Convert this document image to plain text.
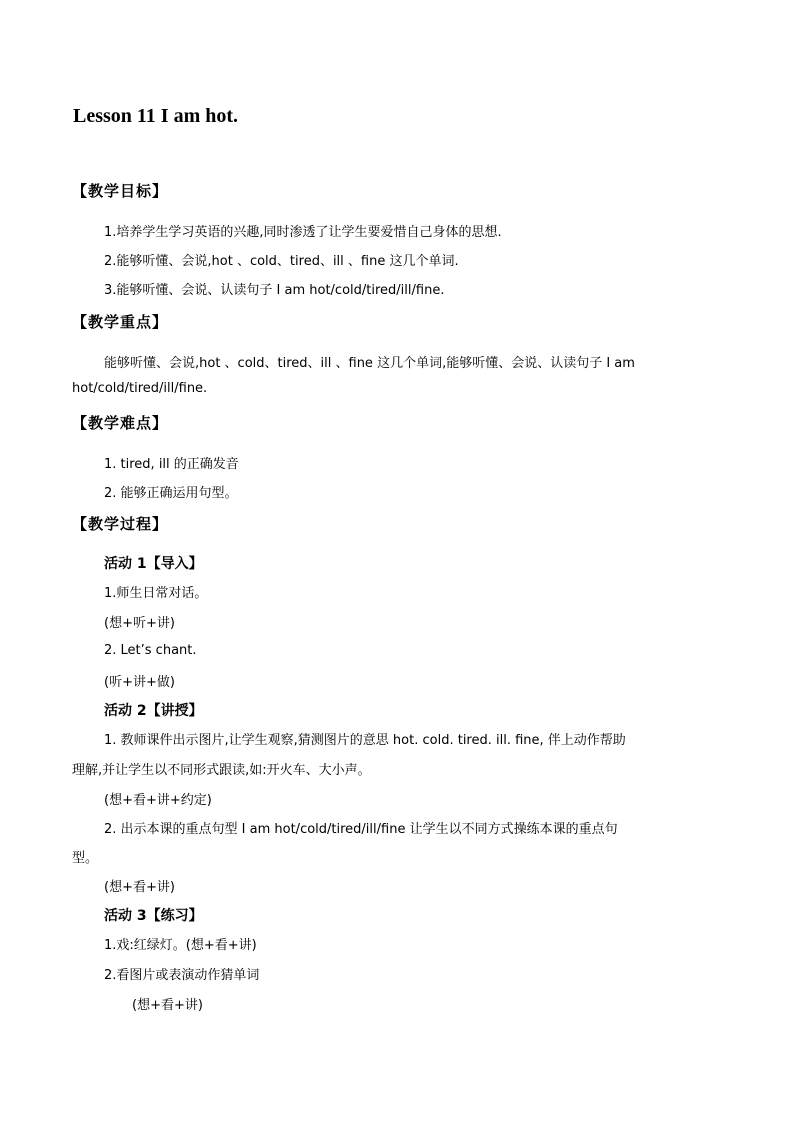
Lesson 11 I am hot.
【教学目标】
1.培养学生学习英语的兴趣,同时渗透了让学生要爱惜自己身体的思想.
2.能够听懂、会说,hot 、cold、tired、ill 、fine 这几个单词.
3.能够听懂、会说、认读句子 I am hot/cold/tired/ill/fine.
【教学重点】
能够听懂、会说,hot 、cold、tired、ill 、fine 这几个单词,能够听懂、会说、认读句子 I am
hot/cold/tired/ill/fine.
【教学难点】
1. tired, ill 的正确发音
2. 能够正确运用句型。
【教学过程】
活动 1【导入】
1.师生日常对话。
(想+听+讲)
2. Let’s chant.
(听+讲+做)
活动 2【讲授】
1. 教师课件出示图片,让学生观察,猜测图片的意思 hot. cold. tired. ill. fine, 伴上动作帮助
理解,并让学生以不同形式跟读,如:开火车、大小声。
(想+看+讲+约定)
2. 出示本课的重点句型 I am hot/cold/tired/ill/fine 让学生以不同方式操练本课的重点句
型。
(想+看+讲)
活动 3【练习】
1.戏:红绿灯。(想+看+讲)
2.看图片或表演动作猜单词
(想+看+讲)
